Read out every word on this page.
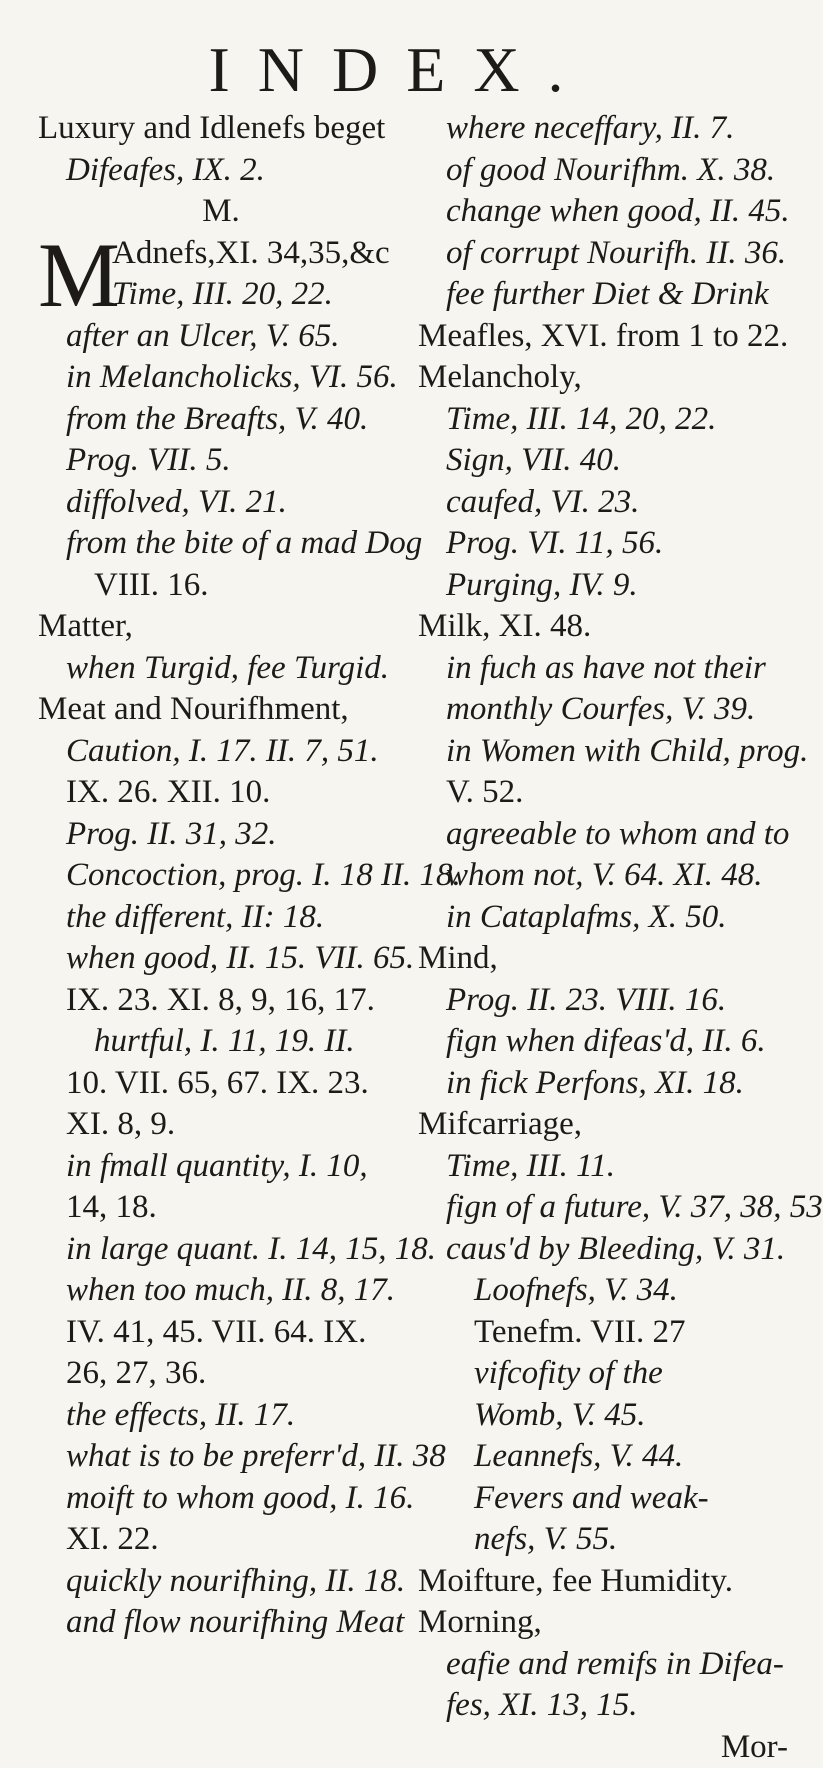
INDEX.
Luxury and Idlenefs beget
Difeafes, IX. 2.
M.
M
Adnefs,XI. 34,35,&c
Time, III. 20, 22.
after an Ulcer, V. 65.
in Melancholicks, VI. 56.
from the Breafts, V. 40.
Prog. VII. 5.
diffolved, VI. 21.
from the bite of a mad Dog
VIII. 16.
Matter,
when Turgid, fee Turgid.
Meat and Nourifhment,
Caution, I. 17. II. 7, 51.
IX. 26. XII. 10.
Prog. II. 31, 32.
Concoction, prog. I. 18 II. 18.
the different, II: 18.
when good, II. 15. VII. 65.
IX. 23. XI. 8, 9, 16, 17.
hurtful, I. 11, 19. II.
10. VII. 65, 67. IX. 23.
XI. 8, 9.
in fmall quantity, I. 10,
14, 18.
in large quant. I. 14, 15, 18.
when too much, II. 8, 17.
IV. 41, 45. VII. 64. IX.
26, 27, 36.
the effects, II. 17.
what is to be preferr'd, II. 38
moift to whom good, I. 16.
XI. 22.
quickly nourifhing, II. 18.
and flow nourifhing Meat
where neceffary, II. 7.
of good Nourifhm. X. 38.
change when good, II. 45.
of corrupt Nourifh. II. 36.
fee further Diet & Drink
Meafles, XVI. from 1 to 22.
Melancholy,
Time, III. 14, 20, 22.
Sign, VII. 40.
caufed, VI. 23.
Prog. VI. 11, 56.
Purging, IV. 9.
Milk, XI. 48.
in fuch as have not their
monthly Courfes, V. 39.
in Women with Child, prog.
V. 52.
agreeable to whom and to
whom not, V. 64. XI. 48.
in Cataplafms, X. 50.
Mind,
Prog. II. 23. VIII. 16.
fign when difeas'd, II. 6.
in fick Perfons, XI. 18.
Mifcarriage,
Time, III. 11.
fign of a future, V. 37, 38, 53
caus'd by Bleeding, V. 31.
Loofnefs, V. 34.
Tenefm. VII. 27
vifcofity of the
Womb, V. 45.
Leannefs, V. 44.
Fevers and weak-
nefs, V. 55.
Moifture, fee Humidity.
Morning,
eafie and remifs in Difea-
fes, XI. 13, 15.
Mor-
